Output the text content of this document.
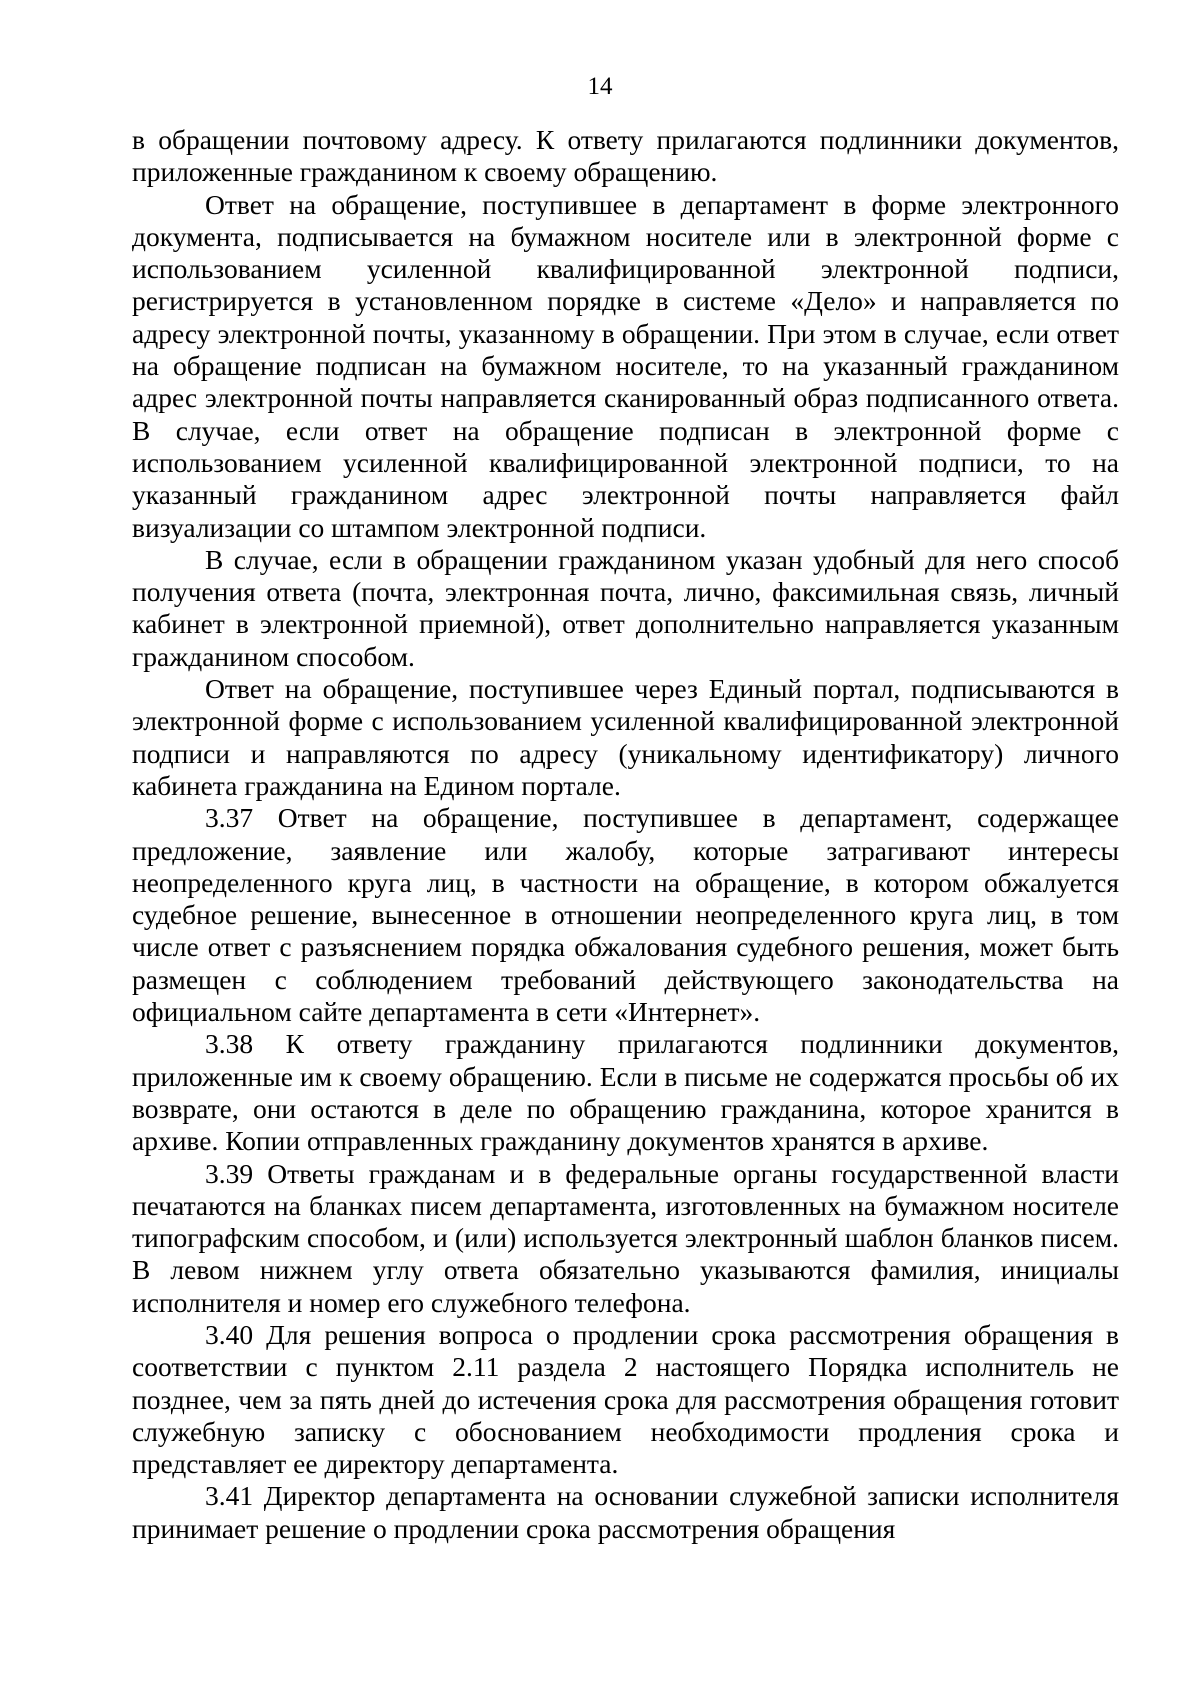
14

в обращении почтовому адресу. К ответу прилагаются подлинники документов, приложенные гражданином к своему обращению.

Ответ на обращение, поступившее в департамент в форме электронного документа, подписывается на бумажном носителе или в электронной форме с использованием усиленной квалифицированной электронной подписи, регистрируется в установленном порядке в системе «Дело» и направляется по адресу электронной почты, указанному в обращении. При этом в случае, если ответ на обращение подписан на бумажном носителе, то на указанный гражданином адрес электронной почты направляется сканированный образ подписанного ответа. В случае, если ответ на обращение подписан в электронной форме с использованием усиленной квалифицированной электронной подписи, то на указанный гражданином адрес электронной почты направляется файл визуализации со штампом электронной подписи.

В случае, если в обращении гражданином указан удобный для него способ получения ответа (почта, электронная почта, лично, факсимильная связь, личный кабинет в электронной приемной), ответ дополнительно направляется указанным гражданином способом.

Ответ на обращение, поступившее через Единый портал, подписываются в электронной форме с использованием усиленной квалифицированной электронной подписи и направляются по адресу (уникальному идентификатору) личного кабинета гражданина на Едином портале.

3.37 Ответ на обращение, поступившее в департамент, содержащее предложение, заявление или жалобу, которые затрагивают интересы неопределенного круга лиц, в частности на обращение, в котором обжалуется судебное решение, вынесенное в отношении неопределенного круга лиц, в том числе ответ с разъяснением порядка обжалования судебного решения, может быть размещен с соблюдением требований действующего законодательства на официальном сайте департамента в сети «Интернет».

3.38 К ответу гражданину прилагаются подлинники документов, приложенные им к своему обращению. Если в письме не содержатся просьбы об их возврате, они остаются в деле по обращению гражданина, которое хранится в архиве. Копии отправленных гражданину документов хранятся в архиве.

3.39 Ответы гражданам и в федеральные органы государственной власти печатаются на бланках писем департамента, изготовленных на бумажном носителе типографским способом, и (или) используется электронный шаблон бланков писем. В левом нижнем углу ответа обязательно указываются фамилия, инициалы исполнителя и номер его служебного телефона.

3.40 Для решения вопроса о продлении срока рассмотрения обращения в соответствии с пунктом 2.11 раздела 2 настоящего Порядка исполнитель не позднее, чем за пять дней до истечения срока для рассмотрения обращения готовит служебную записку с обоснованием необходимости продления срока и представляет ее директору департамента.

3.41 Директор департамента на основании служебной записки исполнителя принимает решение о продлении срока рассмотрения обращения
